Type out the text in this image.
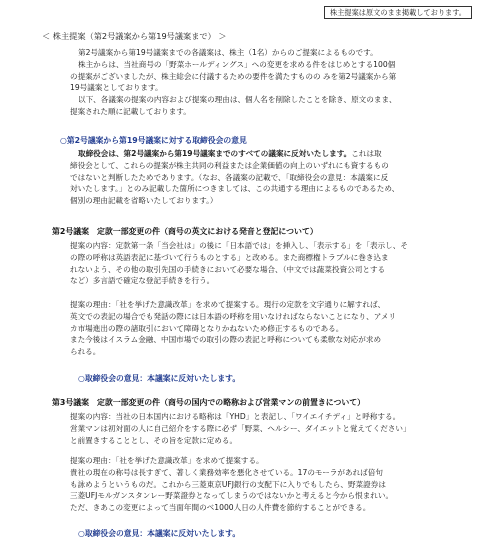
株主提案は原文のまま掲載しております。
＜ 株主提案（第2号議案から第19号議案まで） ＞
第2号議案から第19号議案までの各議案は、株主（1名）からのご提案によるものです。
株主からは、当社商号の「野菜ホールディングス」への変更を求める件をはじめとする100個
の提案がございましたが、株主総会に付議するための要件を満たすものの みを第2号議案から第
19号議案としております。
以下、各議案の提案の内容および提案の理由は、個人名を削除したことを除き、原文のまま、
提案された順に記載しております。
○第2号議案から第19号議案に対する取締役会の意見
取締役会は、第2号議案から第19号議案までのすべての議案に反対いたします。これは取
締役会として、これらの提案が株主共同の利益または企業価値の向上のいずれにも資するもの
ではないと判断したためであります。（なお、各議案の記載で、「取締役会の意見：本議案に反
対いたします。」とのみ記載した箇所につきましては、この共通する理由によるものであるため、
個別の理由記載を省略いたしております。）
第2号議案　定款一部変更の件（商号の英文における発音と登記について）
提案の内容：定款第一条「当会社は」の後に「日本語では」を挿入し、「表示する」を「表示し、そ
の際の呼称は英語表記に基づいて行うものとする」と改める。また商標権トラブルに巻き込ま
れないよう、その他の取引先国の手続きにおいて必要な場合、（中文では蔬菜投資公司とする
など）多言語で確定な登記手続きを行う。
提案の理由：「社を挙げた意識改革」を求めて提案する。現行の定款を文字通りに解すれば、
英文での表記の場合でも発話の際には日本語の呼称を用いなければならないことになり、アメリ
カ市場進出の際の諸取引において障碍となりかねないため修正するものである。
また今後はイスラム金融、中国市場での取引の際の表記と呼称についても柔軟な対応が求め
られる。
○取締役会の意見：本議案に反対いたします。
第3号議案　定款一部変更の件（商号の国内での略称および営業マンの前置きについて）
提案の内容：当社の日本国内における略称は「YHD」と表記し、「ワイエイチディ」と呼称する。
営業マンは初対面の人に自己紹介をする際に必ず「野菜、ヘルシー、ダイエットと覚えてください」
と前置きすることとし、その旨を定款に定める。
提案の理由：「社を挙げた意識改革」を求めて提案する。
貴社の現在の称号は長すぎて、著しく業務効率を悪化させている。17のモーラがあれば倍句
も詠めようというものだ。これから三菱東京UFJ銀行の支配下に入りでもしたら、野菜證券は
三菱UFJモルガンスタンレー野菜證券となってしまうのではないかと考えると今から恨まれい。
ただ、きあこの変更によって当面年間のべ1000人日の人件費を節約することができる。
○取締役会の意見：本議案に反対いたします。
